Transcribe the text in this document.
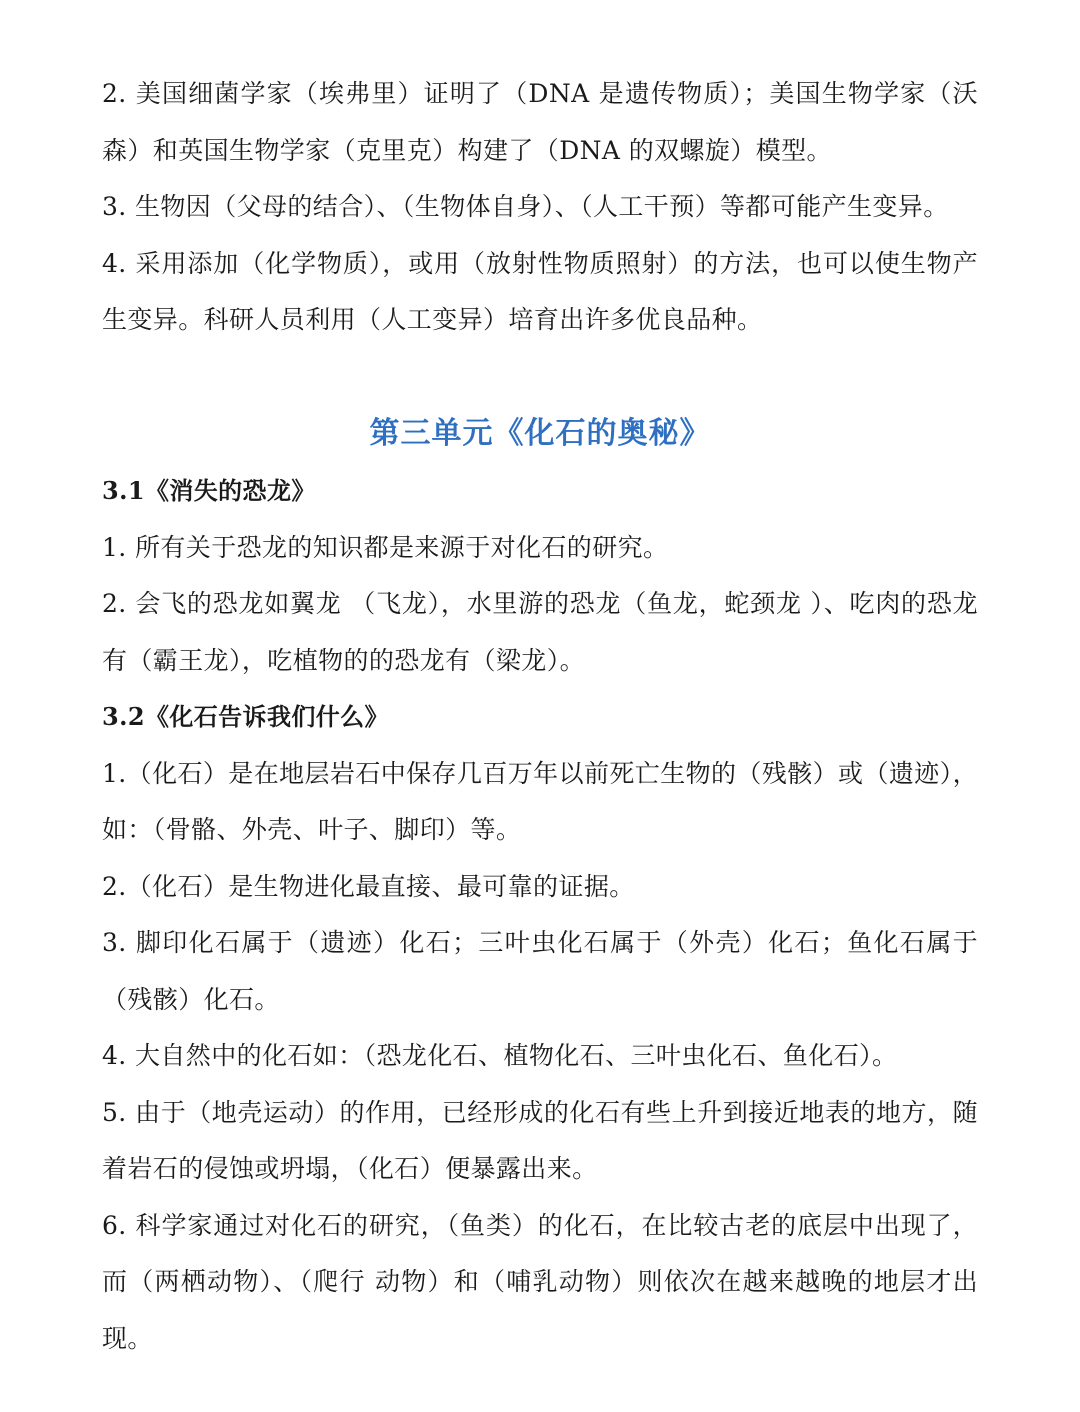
2. 美国细菌学家（埃弗里）证明了（DNA 是遗传物质）；美国生物学家（沃森）和英国生物学家（克里克）构建了（DNA 的双螺旋）模型。

3. 生物因（父母的结合）、（生物体自身）、（人工干预）等都可能产生变异。

4. 采用添加（化学物质），或用（放射性物质照射）的方法，也可以使生物产生变异。科研人员利用（人工变异）培育出许多优良品种。

第三单元《化石的奥秘》

3.1《消失的恐龙》

1. 所有关于恐龙的知识都是来源于对化石的研究。

2. 会飞的恐龙如翼龙 （飞龙），水里游的恐龙（鱼龙，蛇颈龙 ）、吃肉的恐龙有（霸王龙），吃植物的的恐龙有（梁龙）。

3.2《化石告诉我们什么》

1.（化石）是在地层岩石中保存几百万年以前死亡生物的（残骸）或（遗迹），如：（骨骼、外壳、叶子、脚印）等。

2.（化石）是生物进化最直接、最可靠的证据。

3. 脚印化石属于（遗迹）化石；三叶虫化石属于（外壳）化石；鱼化石属于（残骸）化石。

4. 大自然中的化石如：（恐龙化石、植物化石、三叶虫化石、鱼化石）。

5. 由于（地壳运动）的作用，已经形成的化石有些上升到接近地表的地方，随着岩石的侵蚀或坍塌，（化石）便暴露出来。

6. 科学家通过对化石的研究，（鱼类）的化石，在比较古老的底层中出现了，而（两栖动物）、（爬行 动物）和（哺乳动物）则依次在越来越晚的地层才出现。
